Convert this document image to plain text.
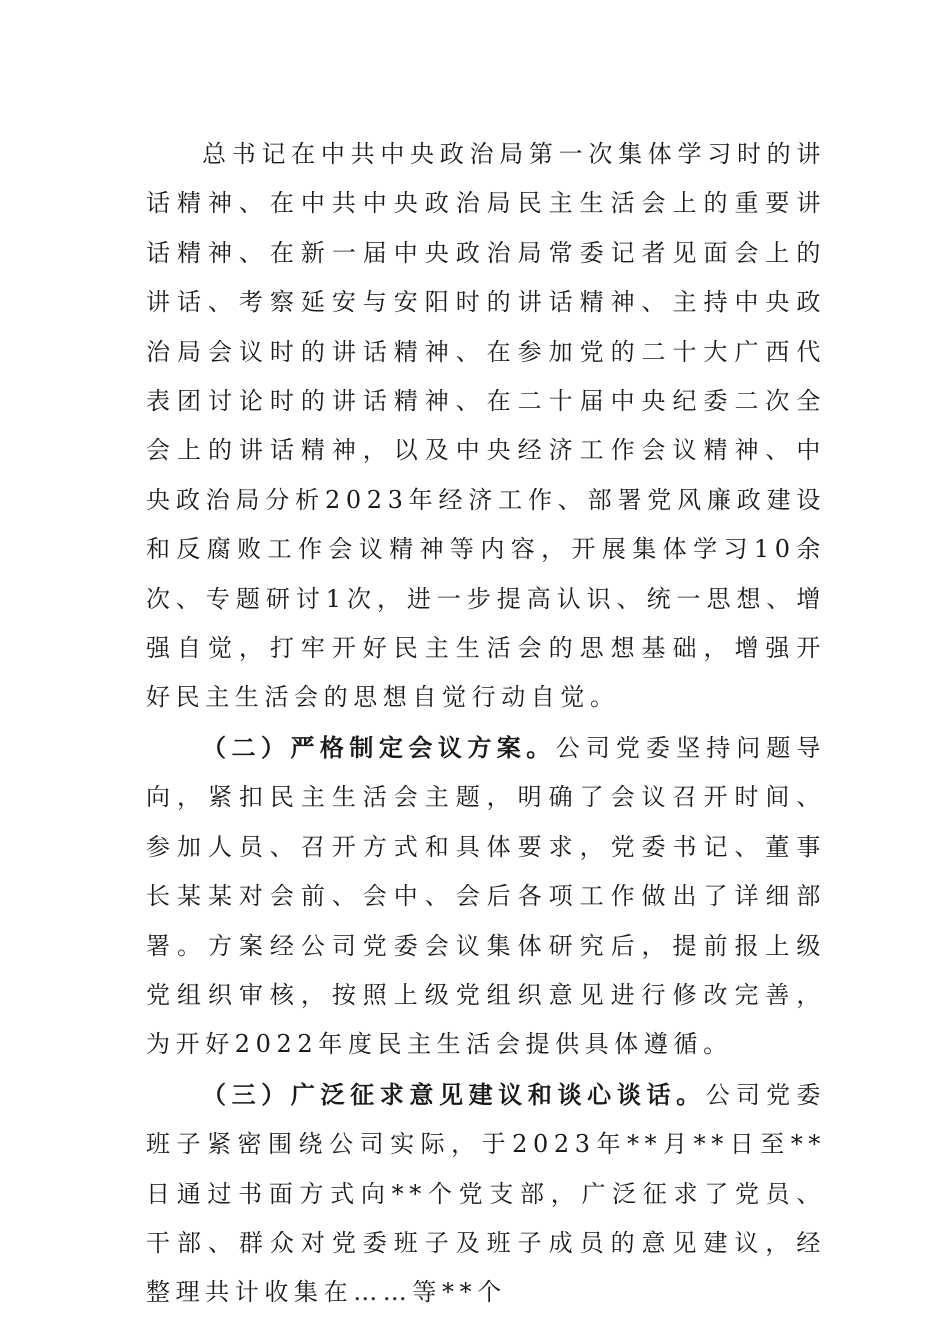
总书记在中共中央政治局第一次集体学习时的讲话精神、在中共中央政治局民主生活会上的重要讲话精神、在新一届中央政治局常委记者见面会上的讲话、考察延安与安阳时的讲话精神、主持中央政治局会议时的讲话精神、在参加党的二十大广西代表团讨论时的讲话精神、在二十届中央纪委二次全会上的讲话精神，以及中央经济工作会议精神、中央政治局分析2023年经济工作、部署党风廉政建设和反腐败工作会议精神等内容，开展集体学习10余次、专题研讨1次，进一步提高认识、统一思想、增强自觉，打牢开好民主生活会的思想基础，增强开好民主生活会的思想自觉行动自觉。

（二）严格制定会议方案。公司党委坚持问题导向，紧扣民主生活会主题，明确了会议召开时间、参加人员、召开方式和具体要求，党委书记、董事长某某对会前、会中、会后各项工作做出了详细部署。方案经公司党委会议集体研究后，提前报上级党组织审核，按照上级党组织意见进行修改完善，为开好2022年度民主生活会提供具体遵循。

（三）广泛征求意见建议和谈心谈话。公司党委班子紧密围绕公司实际，于2023年**月**日至**日通过书面方式向**个党支部，广泛征求了党员、干部、群众对党委班子及班子成员的意见建议，经整理共计收集在……等**个
